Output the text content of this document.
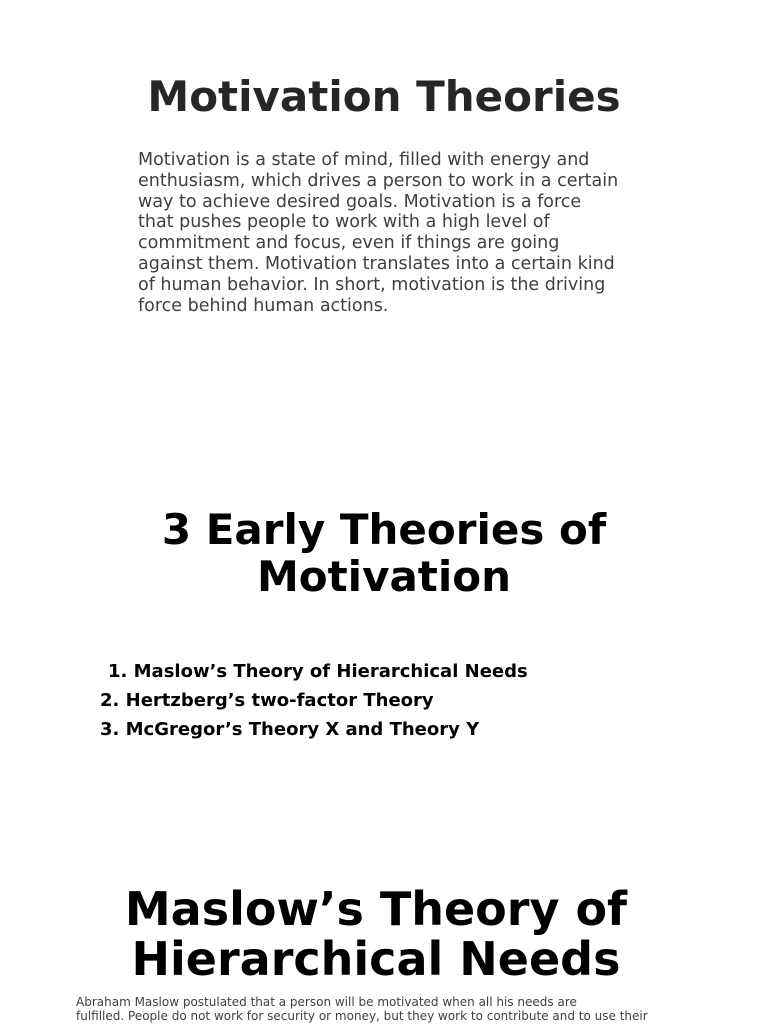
Motivation Theories

Motivation is a state of mind, filled with energy and
enthusiasm, which drives a person to work in a certain
way to achieve desired goals. Motivation is a force
that pushes people to work with a high level of
commitment and focus, even if things are going
against them. Motivation translates into a certain kind
of human behavior. In short, motivation is the driving
force behind human actions.

3 Early Theories of
Motivation
1. Maslow’s Theory of Hierarchical Needs
2. Hertzberg’s two-factor Theory
3. McGregor’s Theory X and Theory Y
Maslow’s Theory of
Hierarchical Needs

Abraham Maslow postulated that a person will be motivated when all his needs are
fulfilled. People do not work for security or money, but they work to contribute and to use their
